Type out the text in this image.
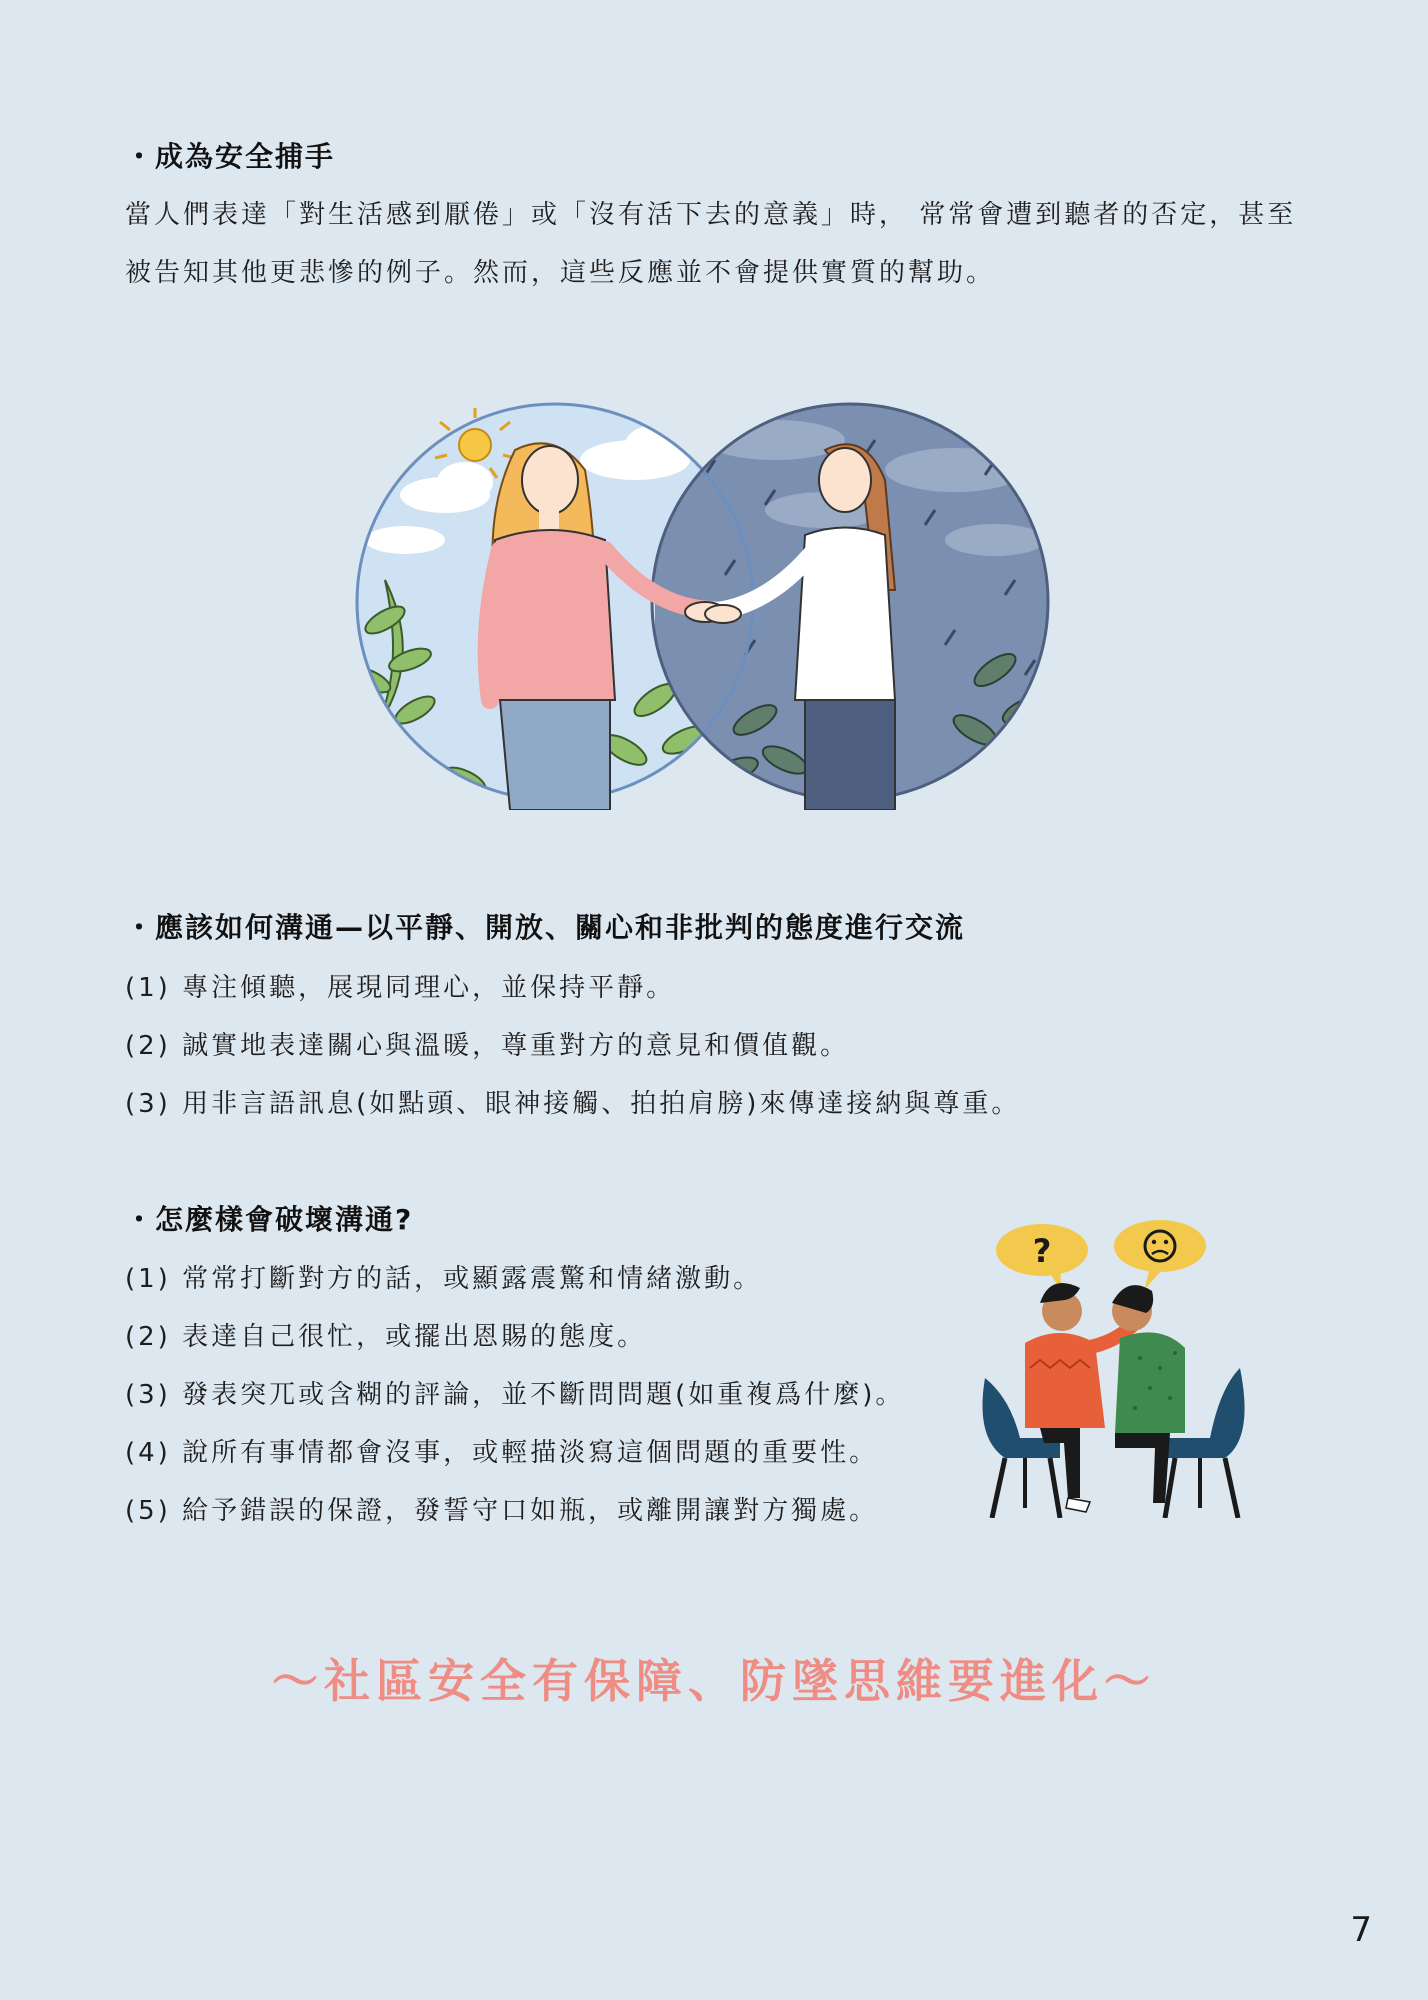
・成為安全捕手
當人們表達「對生活感到厭倦」或「沒有活下去的意義」時， 常常會遭到聽者的否定，甚至
被告知其他更悲慘的例子。然而，這些反應並不會提供實質的幫助。
・應該如何溝通—以平靜、開放、關心和非批判的態度進行交流
(1) 專注傾聽，展現同理心，並保持平靜。
(2) 誠實地表達關心與溫暖，尊重對方的意見和價值觀。
(3) 用非言語訊息(如點頭、眼神接觸、拍拍肩膀)來傳達接納與尊重。
・怎麼樣會破壞溝通?
(1) 常常打斷對方的話，或顯露震驚和情緒激動。
(2) 表達自己很忙，或擺出恩賜的態度。
(3) 發表突兀或含糊的評論，並不斷問問題(如重複爲什麼)。
(4) 說所有事情都會沒事，或輕描淡寫這個問題的重要性。
(5) 給予錯誤的保證，發誓守口如瓶，或離開讓對方獨處。
?
～社區安全有保障、防墜思維要進化～
7
